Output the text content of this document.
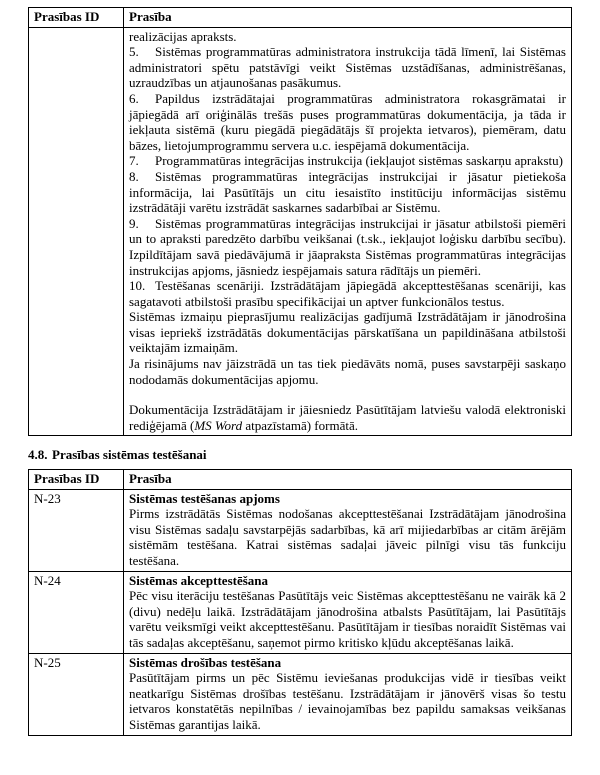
Prasības ID	Prasība

realizācijas apraksts.
5. Sistēmas programmatūras administratora instrukcija tādā līmenī, lai Sistēmas administratori spētu patstāvīgi veikt Sistēmas uzstādīšanas, administrēšanas, uzraudzības un atjaunošanas pasākumus.
6. Papildus izstrādātajai programmatūras administratora rokasgrāmatai ir jāpiegādā arī oriģinālās trešās puses programmatūras dokumentācija, ja tāda ir iekļauta sistēmā (kuru piegādā piegādātājs šī projekta ietvaros), piemēram, datu bāzes, lietojumprogrammu servera u.c. iespējamā dokumentācija.
7. Programmatūras integrācijas instrukcija (iekļaujot sistēmas saskarņu aprakstu)
8. Sistēmas programmatūras integrācijas instrukcijai ir jāsatur pietiekoša informācija, lai Pasūtītājs un citu iesaistīto institūciju informācijas sistēmu izstrādātāji varētu izstrādāt saskarnes sadarbībai ar Sistēmu.
9. Sistēmas programmatūras integrācijas instrukcijai ir jāsatur atbilstoši piemēri un to apraksti paredzēto darbību veikšanai (t.sk., iekļaujot loģisku darbību secību). Izpildītājam savā piedāvājumā ir jāapraksta Sistēmas programmatūras integrācijas instrukcijas apjoms, jāsniedz iespējamais satura rādītājs un piemēri.
10. Testēšanas scenāriji. Izstrādātājam jāpiegādā akcepttestēšanas scenāriji, kas sagatavoti atbilstoši prasību specifikācijai un aptver funkcionālos testus.
Sistēmas izmaiņu pieprasījumu realizācijas gadījumā Izstrādātājam ir jānodrošina visas iepriekš izstrādātās dokumentācijas pārskatīšana un papildināšana atbilstoši veiktajām izmaiņām.
Ja risinājums nav jāizstrādā un tas tiek piedāvāts nomā, puses savstarpēji saskaņo nododamās dokumentācijas apjomu.
Dokumentācija Izstrādātājam ir jāiesniedz Pasūtītājam latviešu valodā elektroniski rediģējamā (MS Word atpazīstamā) formātā.
4.8. Prasības sistēmas testēšanai
Prasības ID	Prasība
N-23	Sistēmas testēšanas apjoms
Pirms izstrādātās Sistēmas nodošanas akcepttestēšanai Izstrādātājam jānodrošina visu Sistēmas sadaļu savstarpējās sadarbības, kā arī mijiedarbības ar citām ārējām sistēmām testēšana. Katrai sistēmas sadaļai jāveic pilnīgi visu tās funkciju testēšana.

N-24	Sistēmas akcepttestēšana
Pēc visu iterāciju testēšanas Pasūtītājs veic Sistēmas akcepttestēšanu ne vairāk kā 2 (divu) nedēļu laikā. Izstrādātājam jānodrošina atbalsts Pasūtītājam, lai Pasūtītājs varētu veiksmīgi veikt akcepttestēšanu. Pasūtītājam ir tiesības noraidīt Sistēmas vai tās sadaļas akceptēšanu, saņemot pirmo kritisko kļūdu akceptēšanas laikā.

N-25	Sistēmas drošības testēšana
Pasūtītājam pirms un pēc Sistēmu ieviešanas produkcijas vidē ir tiesības veikt neatkarīgu Sistēmas drošības testēšanu. Izstrādātājam ir jānovērš visas šo testu ietvaros konstatētās nepilnības / ievainojamības bez papildu samaksas veikšanas Sistēmas garantijas laikā.
